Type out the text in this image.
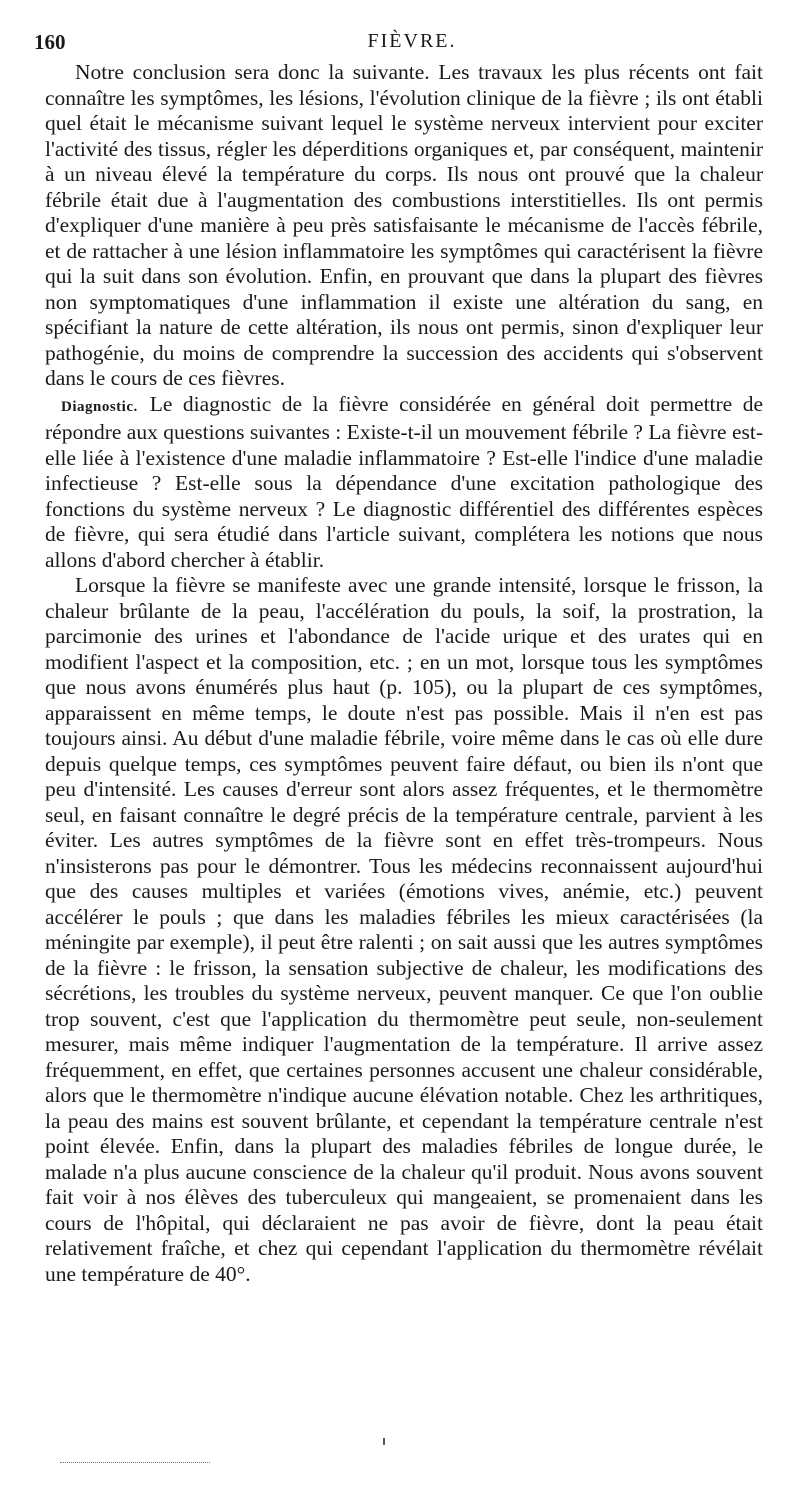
160	FIÈVRE.

Notre conclusion sera donc la suivante. Les travaux les plus récents ont fait connaître les symptômes, les lésions, l'évolution clinique de la fièvre ; ils ont établi quel était le mécanisme suivant lequel le système nerveux intervient pour exciter l'activité des tissus, régler les déperditions organiques et, par conséquent, maintenir à un niveau élevé la température du corps. Ils nous ont prouvé que la chaleur fébrile était due à l'augmentation des combustions interstitielles. Ils ont permis d'expliquer d'une manière à peu près satisfaisante le mécanisme de l'accès fébrile, et de rattacher à une lésion inflammatoire les symptômes qui caractérisent la fièvre qui la suit dans son évolution. Enfin, en prouvant que dans la plupart des fièvres non symptomatiques d'une inflammation il existe une altération du sang, en spécifiant la nature de cette altération, ils nous ont permis, sinon d'expliquer leur pathogénie, du moins de comprendre la succession des accidents qui s'observent dans le cours de ces fièvres.

Diagnostic. Le diagnostic de la fièvre considérée en général doit permettre de répondre aux questions suivantes : Existe-t-il un mouvement fébrile ? La fièvre est-elle liée à l'existence d'une maladie inflammatoire ? Est-elle l'indice d'une maladie infectieuse ? Est-elle sous la dépendance d'une excitation pathologique des fonctions du système nerveux ? Le diagnostic différentiel des différentes espèces de fièvre, qui sera étudié dans l'article suivant, complétera les notions que nous allons d'abord chercher à établir.

Lorsque la fièvre se manifeste avec une grande intensité, lorsque le frisson, la chaleur brûlante de la peau, l'accélération du pouls, la soif, la prostration, la parcimonie des urines et l'abondance de l'acide urique et des urates qui en modifient l'aspect et la composition, etc. ; en un mot, lorsque tous les symptômes que nous avons énumérés plus haut (p. 105), ou la plupart de ces symptômes, apparaissent en même temps, le doute n'est pas possible. Mais il n'en est pas toujours ainsi. Au début d'une maladie fébrile, voire même dans le cas où elle dure depuis quelque temps, ces symptômes peuvent faire défaut, ou bien ils n'ont que peu d'intensité. Les causes d'erreur sont alors assez fréquentes, et le thermomètre seul, en faisant connaître le degré précis de la température centrale, parvient à les éviter. Les autres symptômes de la fièvre sont en effet très-trompeurs. Nous n'insisterons pas pour le démontrer. Tous les médecins reconnaissent aujourd'hui que des causes multiples et variées (émotions vives, anémie, etc.) peuvent accélérer le pouls ; que dans les maladies fébriles les mieux caractérisées (la méningite par exemple), il peut être ralenti ; on sait aussi que les autres symptômes de la fièvre : le frisson, la sensation subjective de chaleur, les modifications des sécrétions, les troubles du système nerveux, peuvent manquer. Ce que l'on oublie trop souvent, c'est que l'application du thermomètre peut seule, non-seulement mesurer, mais même indiquer l'augmentation de la température. Il arrive assez fréquemment, en effet, que certaines personnes accusent une chaleur considérable, alors que le thermomètre n'indique aucune élévation notable. Chez les arthritiques, la peau des mains est souvent brûlante, et cependant la température centrale n'est point élevée. Enfin, dans la plupart des maladies fébriles de longue durée, le malade n'a plus aucune conscience de la chaleur qu'il produit. Nous avons souvent fait voir à nos élèves des tuberculeux qui mangeaient, se promenaient dans les cours de l'hôpital, qui déclaraient ne pas avoir de fièvre, dont la peau était relativement fraîche, et chez qui cependant l'application du thermomètre révélait une température de 40°.
